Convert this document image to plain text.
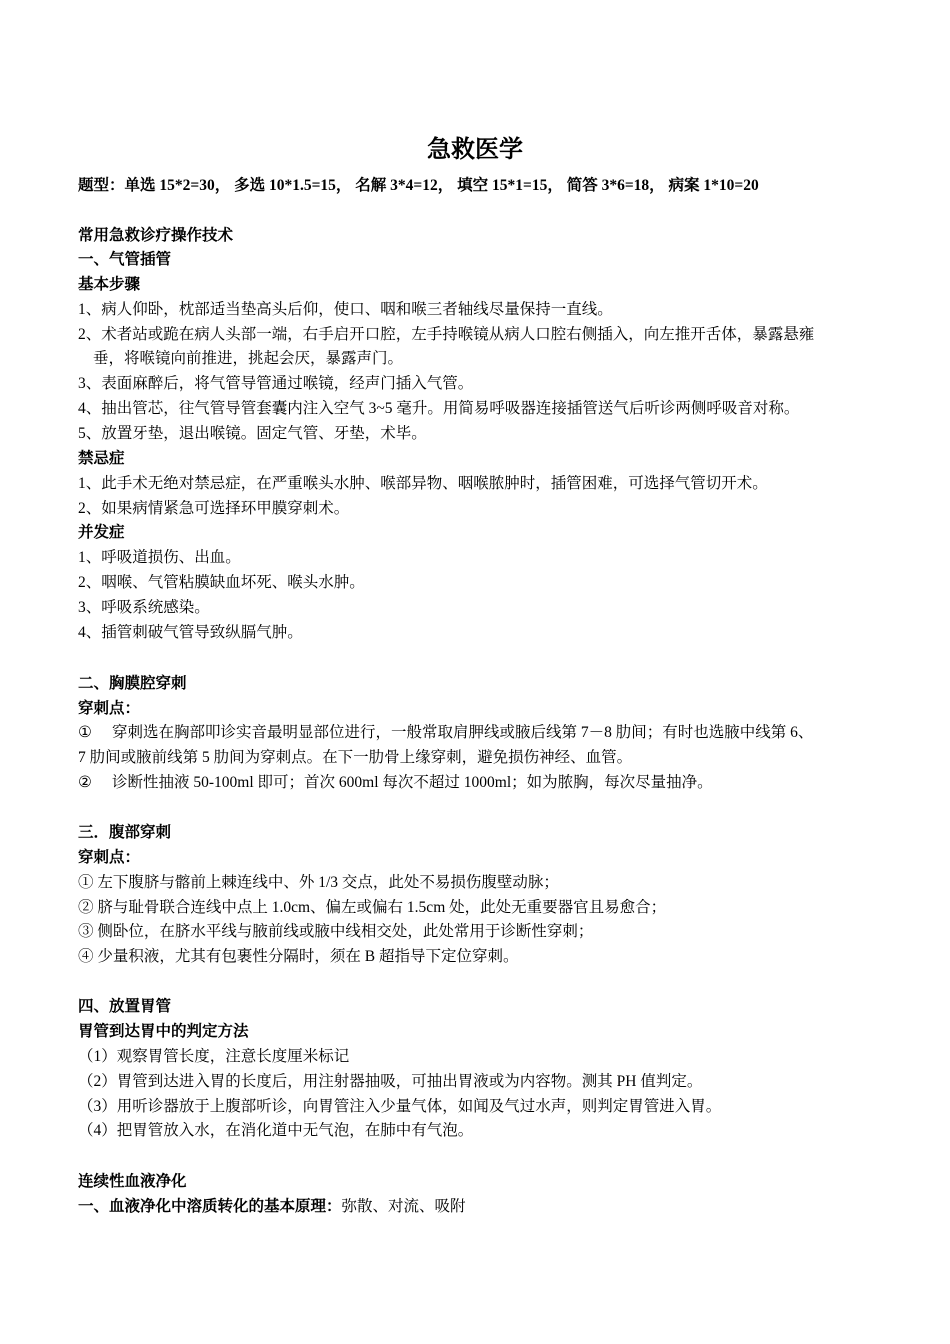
急救医学
题型：单选 15*2=30， 多选 10*1.5=15， 名解 3*4=12， 填空 15*1=15， 简答 3*6=18， 病案 1*10=20
常用急救诊疗操作技术
一、气管插管
基本步骤
1、病人仰卧，枕部适当垫高头后仰，使口、咽和喉三者轴线尽量保持一直线。
2、术者站或跪在病人头部一端，右手启开口腔，左手持喉镜从病人口腔右侧插入，向左推开舌体，暴露悬雍
垂，将喉镜向前推进，挑起会厌，暴露声门。
3、表面麻醉后，将气管导管通过喉镜，经声门插入气管。
4、抽出管芯，往气管导管套囊内注入空气 3~5 毫升。用简易呼吸器连接插管送气后听诊两侧呼吸音对称。
5、放置牙垫，退出喉镜。固定气管、牙垫，术毕。
禁忌症
1、此手术无绝对禁忌症，在严重喉头水肿、喉部异物、咽喉脓肿时，插管困难，可选择气管切开术。
2、如果病情紧急可选择环甲膜穿刺术。
并发症
1、呼吸道损伤、出血。
2、咽喉、气管粘膜缺血坏死、喉头水肿。
3、呼吸系统感染。
4、插管刺破气管导致纵膈气肿。
二、胸膜腔穿刺
穿刺点：
① 穿刺选在胸部叩诊实音最明显部位进行，一般常取肩胛线或腋后线第 7－8 肋间；有时也选腋中线第 6、
7 肋间或腋前线第 5 肋间为穿刺点。在下一肋骨上缘穿刺，避免损伤神经、血管。
② 诊断性抽液 50-100ml 即可；首次 600ml 每次不超过 1000ml；如为脓胸，每次尽量抽净。
三．腹部穿刺
穿刺点：
① 左下腹脐与髂前上棘连线中、外 1/3 交点，此处不易损伤腹壁动脉；
② 脐与耻骨联合连线中点上 1.0cm、偏左或偏右 1.5cm 处，此处无重要器官且易愈合；
③ 侧卧位，在脐水平线与腋前线或腋中线相交处，此处常用于诊断性穿刺；
④ 少量积液，尤其有包裹性分隔时，须在 B 超指导下定位穿刺。
四、放置胃管
胃管到达胃中的判定方法
（1）观察胃管长度，注意长度厘米标记
（2）胃管到达进入胃的长度后，用注射器抽吸，可抽出胃液或为内容物。测其 PH 值判定。
（3）用听诊器放于上腹部听诊，向胃管注入少量气体，如闻及气过水声，则判定胃管进入胃。
（4）把胃管放入水，在消化道中无气泡，在肺中有气泡。
连续性血液净化
一、血液净化中溶质转化的基本原理：弥散、对流、吸附
